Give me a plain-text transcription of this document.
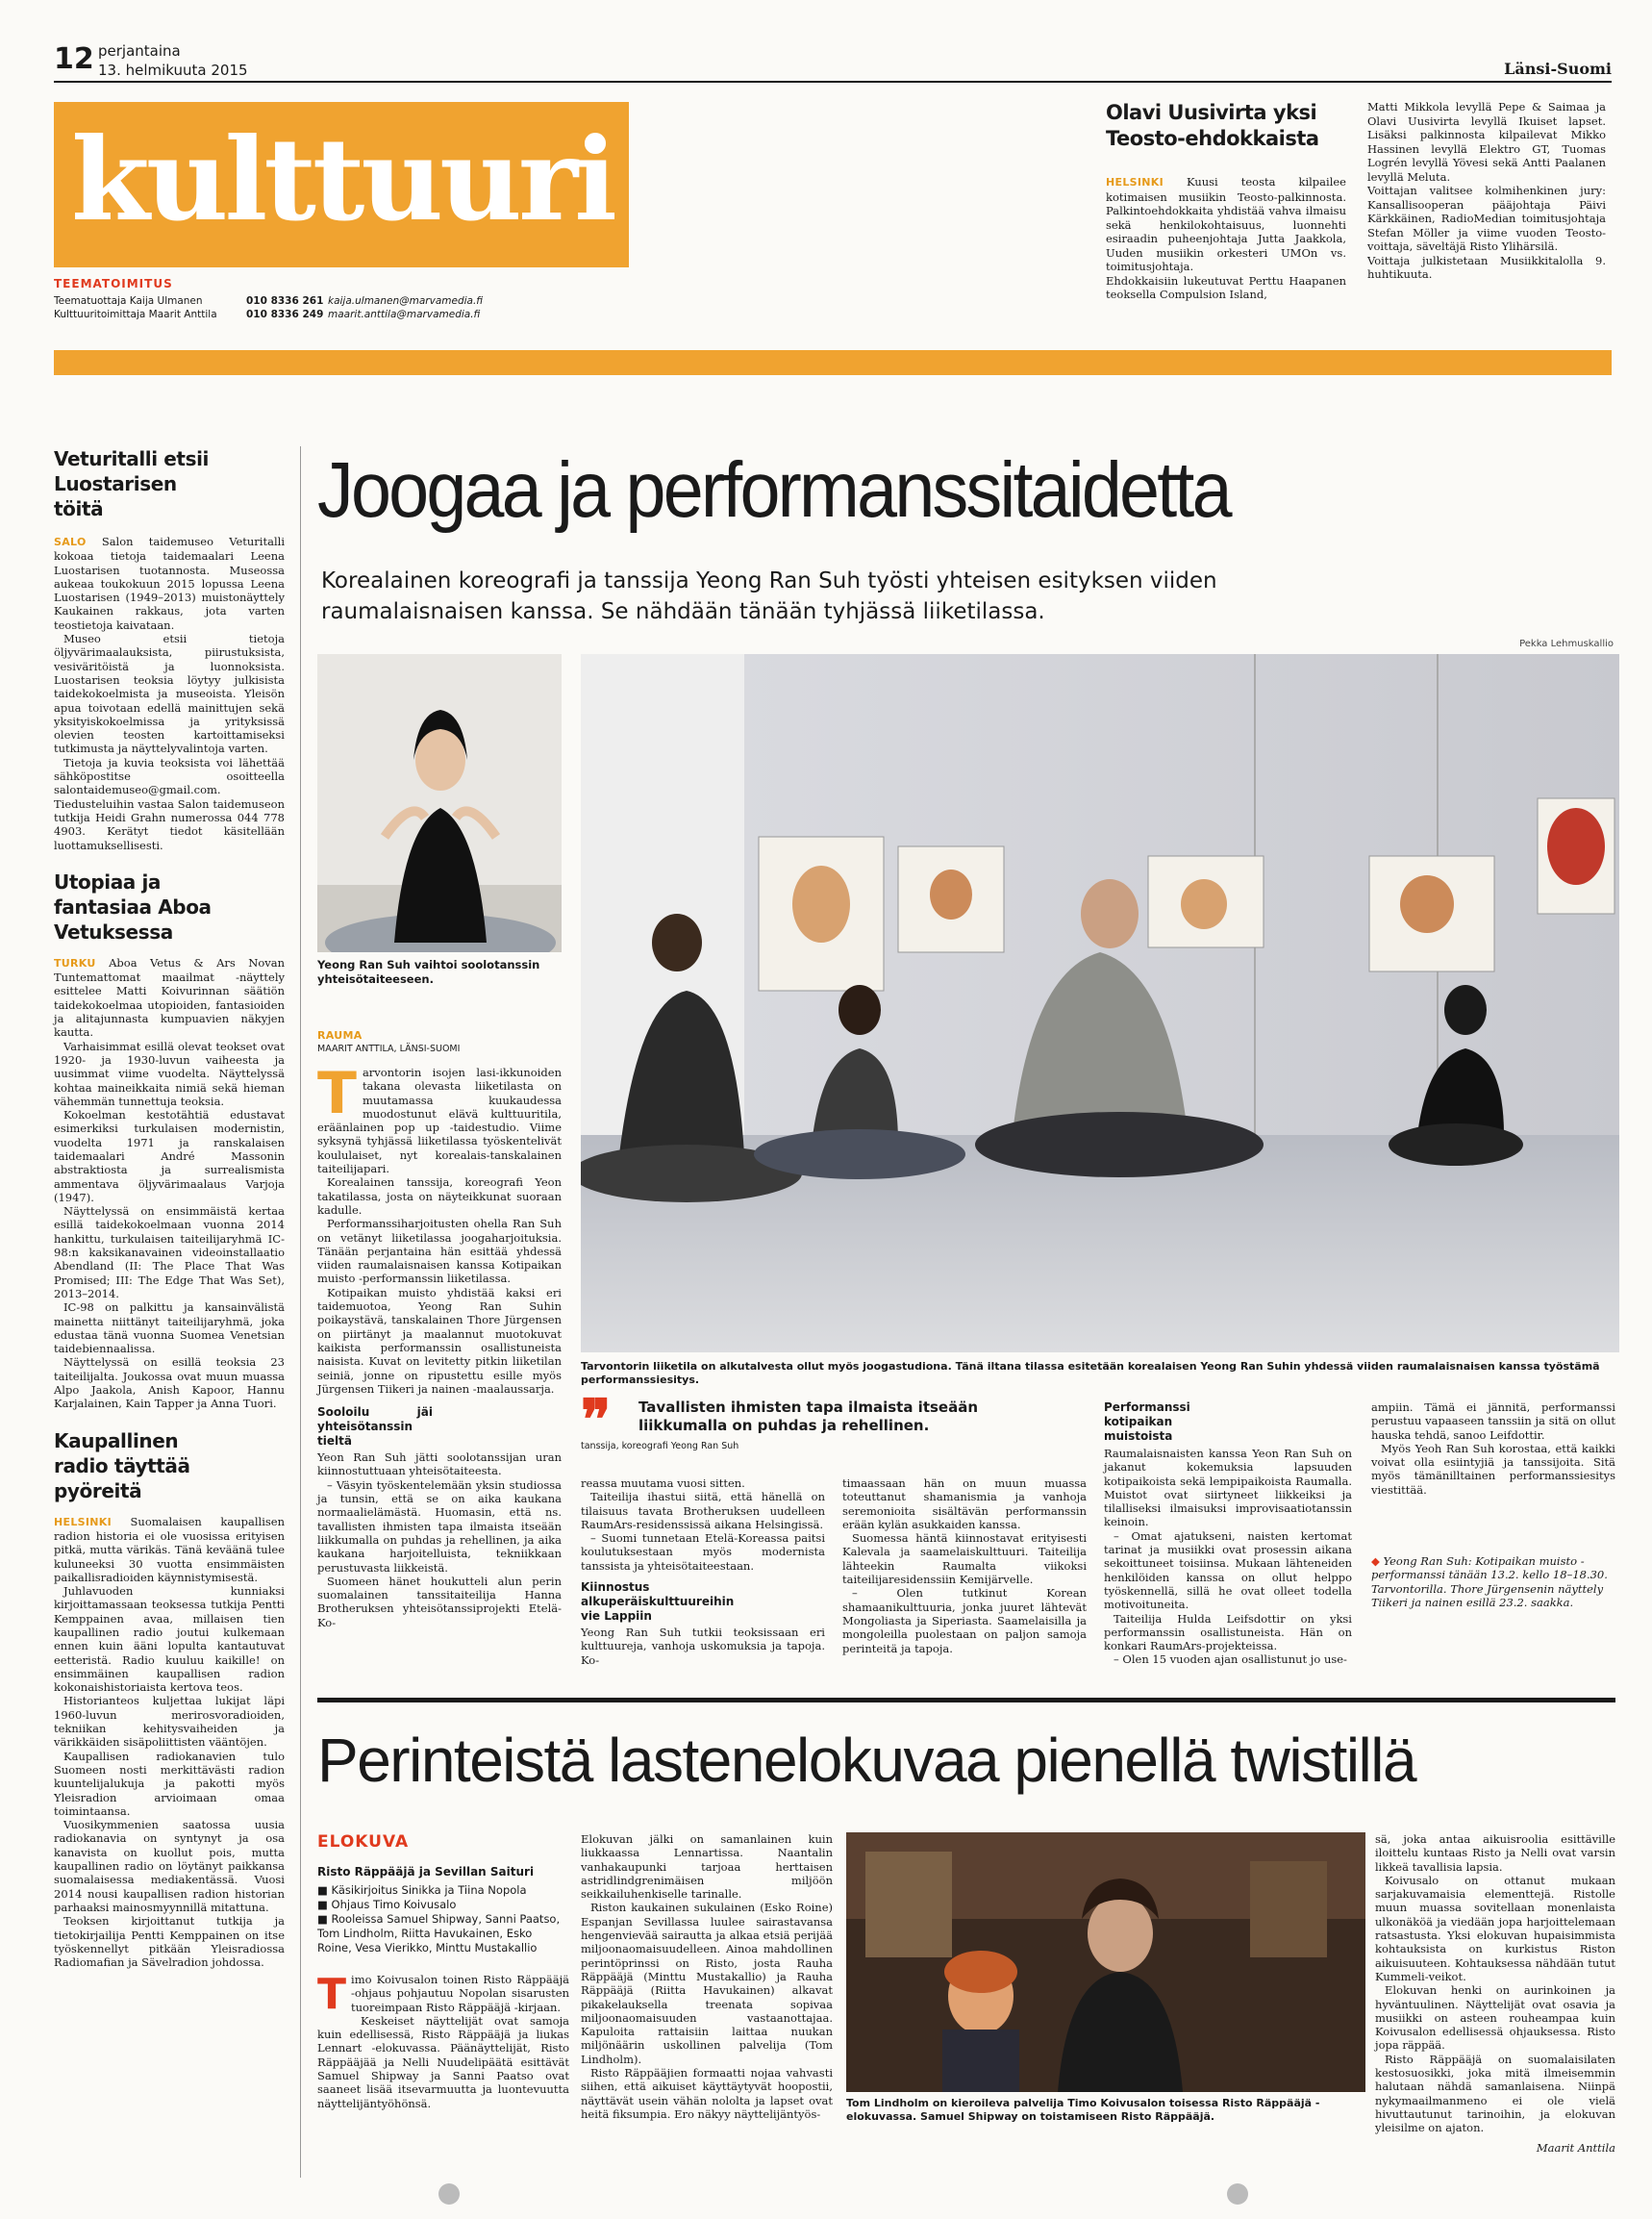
12 perjantaina
13. helmikuuta 2015	Länsi-Suomi
kulttuuri
TEEMATOIMITUS
Teematuottaja Kaija Ulmanen	010 8336 261 kaija.ulmanen@marvamedia.fi
Kulttuuritoimittaja Maarit Anttila	010 8336 249 maarit.anttila@marvamedia.fi
Olavi Uusivirta yksi Teosto-ehdokkaista
HELSINKI Kuusi teosta kilpailee kotimaisen musiikin Teosto-palkinnosta. Palkintoehdokkaita yhdistää vahva ilmaisu sekä henkilokohtaisuus, luonnehti esiraadin puheenjohtaja Jutta Jaakkola, Uuden musiikin orkesteri UMOn vs. toimitusjohtaja.
Ehdokkaisiin lukeutuvat Perttu Haapanen teoksella Compulsion Island,
Matti Mikkola levyllä Pepe & Saimaa ja Olavi Uusivirta levyllä Ikuiset lapset. Lisäksi palkinnosta kilpailevat Mikko Hassinen levyllä Elektro GT, Tuomas Logrén levyllä Yövesi sekä Antti Paalanen levyllä Meluta.
Voittajan valitsee kolmihenkinen jury: Kansallisooperan pääjohtaja Päivi Kärkkäinen, RadioMedian toimitusjohtaja Stefan Möller ja viime vuoden Teosto-voittaja, säveltäjä Risto Ylihärsilä.
Voittaja julkistetaan Musiikkitalolla 9. huhtikuuta.
Veturitalli etsii Luostarisen töitä

SALO Salon taidemuseo Veturitalli kokoaa tietoja taidemaalari Leena Luostarisen tuotannosta. Museossa aukeaa toukokuun 2015 lopussa Leena Luostarisen (1949–2013) muistonäyttely Kaukainen rakkaus, jota varten teostietoja kaivataan.

Museo etsii tietoja öljyvärimaalauksista, piirustuksista, vesiväritöistä ja luonnoksista. Luostarisen teoksia löytyy julkisista taidekokoelmista ja museoista. Yleisön apua toivotaan edellä mainittujen sekä yksityiskokoelmissa ja yrityksissä olevien teosten kartoittamiseksi tutkimusta ja näyttelyvalintoja varten.

Tietoja ja kuvia teoksista voi lähettää sähköpostitse osoitteella salontaidemuseo@gmail.com. Tiedusteluihin vastaa Salon taidemuseon tutkija Heidi Grahn numerossa 044 778 4903. Kerätyt tiedot käsitellään luottamuksellisesti.

Utopiaa ja fantasiaa Aboa Vetuksessa

TURKU Aboa Vetus & Ars Novan Tuntemattomat maailmat -näyttely esittelee Matti Koivurinnan säätiön taidekokoelmaa utopioiden, fantasioiden ja alitajunnasta kumpuavien näkyjen kautta.

Varhaisimmat esillä olevat teokset ovat 1920- ja 1930-luvun vaiheesta ja uusimmat viime vuodelta. Näyttelyssä kohtaa maineikkaita nimiä sekä hieman vähemmän tunnettuja teoksia.

Kokoelman kestotähtiä edustavat esimerkiksi turkulaisen modernistin, vuodelta 1971 ja ranskalaisen taidemaalari André Massonin abstraktiosta ja surrealismista ammentava öljyvärimaalaus Varjoja (1947).

Näyttelyssä on ensimmäistä kertaa esillä taidekokoelmaan vuonna 2014 hankittu, turkulaisen taiteilijaryhmä IC-98:n kaksikanavainen videoinstallaatio Abendland (II: The Place That Was Promised; III: The Edge That Was Set), 2013–2014.

IC-98 on palkittu ja kansainvälistä mainetta niittänyt taiteilijaryhmä, joka edustaa tänä vuonna Suomea Venetsian taidebiennaalissa.

Näyttelyssä on esillä teoksia 23 taiteilijalta. Joukossa ovat muun muassa Alpo Jaakola, Anish Kapoor, Hannu Karjalainen, Kain Tapper ja Anna Tuori.

Kaupallinen radio täyttää pyöreitä

HELSINKI Suomalaisen kaupallisen radion historia ei ole vuosissa erityisen pitkä, mutta värikäs. Tänä keväänä tulee kuluneeksi 30 vuotta ensimmäisten paikallisradioiden käynnistymisestä.

Juhlavuoden kunniaksi kirjoittamassaan teoksessa tutkija Pentti Kemppainen avaa, millaisen tien kaupallinen radio joutui kulkemaan ennen kuin ääni lopulta kantautuvat eetteristä. Radio kuuluu kaikille! on ensimmäinen kaupallisen radion kokonaishistoriaista kertova teos.

Historianteos kuljettaa lukijat läpi 1960-luvun merirosvoradioiden, tekniikan kehitysvaiheiden ja värikkäiden sisäpoliittisten vääntöjen.

Kaupallisen radiokanavien tulo Suomeen nosti merkittävästi radion kuuntelijalukuja ja pakotti myös Yleisradion arvioimaan omaa toimintaansa.

Vuosikymmenien saatossa uusia radiokanavia on syntynyt ja osa kanavista on kuollut pois, mutta kaupallinen radio on löytänyt paikkansa suomalaisessa mediakentässä. Vuosi 2014 nousi kaupallisen radion historian parhaaksi mainosmyynnillä mitattuna.

Teoksen kirjoittanut tutkija ja tietokirjailija Pentti Kemppainen on itse työskennellyt pitkään Yleisradiossa Radiomafian ja Sävelradion johdossa.

Joogaa ja performanssitaidetta
Korealainen koreografi ja tanssija Yeong Ran Suh työsti yhteisen esityksen viiden raumalaisnaisen kanssa. Se nähdään tänään tyhjässä liiketilassa.
Pekka Lehmuskallio
Yeong Ran Suh vaihtoi soolotanssin yhteisötaiteeseen.
Tarvontorin liiketila on alkutalvesta ollut myös joogastudiona. Tänä iltana tilassa esitetään korealaisen Yeong Ran Suhin yhdessä viiden raumalaisnaisen kanssa työstämä performanssiesitys.
RAUMA
MAARIT ANTTILA, LÄNSI-SUOMI

Tarvontorin isojen lasi-ikkunoiden takana olevasta liiketilasta on muutamassa kuukaudessa muodostunut elävä kulttuuritila, eräänlainen pop up -taidestudio. Viime syksynä tyhjässä liiketilassa työskentelivät koululaiset, nyt korealais-tanskalainen taiteilijapari.

Korealainen tanssija, koreografi Yeon takatilassa, josta on näyteikkunat suoraan kadulle.

Performanssiharjoitusten ohella Ran Suh on vetänyt liiketilassa joogaharjoituksia. Tänään perjantaina hän esittää yhdessä viiden raumalaisnaisen kanssa Kotipaikan muisto -performanssin liiketilassa.

Kotipaikan muisto yhdistää kaksi eri taidemuotoa, Yeong Ran Suhin poikaystävä, tanskalainen Thore Jürgensen on piirtänyt ja maalannut muotokuvat kaikista performanssin osallistuneista naisista. Kuvat on levitetty pitkin liiketilan seiniä, jonne on ripustettu esille myös Jürgensen Tiikeri ja nainen -maalaussarja.

Sooloilu jäi yhteisötanssin tieltä

Yeon Ran Suh jätti soolotanssijan uran kiinnostuttuaan yhteisötaiteesta.

– Väsyin työskentelemään yksin studiossa ja tunsin, että se on aika kaukana normaalielämästä. Huomasin, että ns. tavallisten ihmisten tapa ilmaista itseään liikkumalla on puhdas ja rehellinen, ja aika kaukana harjoitelluista, tekniikkaan perustuvasta liikkeistä.

Suomeen hänet houkutteli alun perin suomalainen tanssitaiteilija Hanna Brotheruksen yhteisötanssiprojekti Etelä-Ko-

❞ Tavallisten ihmisten tapa ilmaista itseään liikkumalla on puhdas ja rehellinen.
tanssija, koreografi Yeong Ran Suh

reassa muutama vuosi sitten.

Taiteilija ihastui siitä, että hänellä on tilaisuus tavata Brotheruksen uudelleen RaumArs-residenssissä aikana Helsingissä.

– Suomi tunnetaan Etelä-Koreassa paitsi koulutuksestaan myös modernista tanssista ja yhteisötaiteestaan.

Kiinnostus alkuperäiskulttuureihin vie Lappiin

Yeong Ran Suh tutkii teoksissaan eri kulttuureja, vanhoja uskomuksia ja tapoja. Ko-

timaassaan hän on muun muassa toteuttanut shamanismia ja vanhoja seremonioita sisältävän performanssin erään kylän asukkaiden kanssa.

Suomessa häntä kiinnostavat erityisesti Kalevala ja saamelaiskulttuuri. Taiteilija lähteekin Raumalta viikoksi taiteilijaresidenssiin Kemijärvelle.

– Olen tutkinut Korean shamaanikulttuuria, jonka juuret lähtevät Mongoliasta ja Siperiasta. Saamelaisilla ja mongoleilla puolestaan on paljon samoja perinteitä ja tapoja.

Performanssi kotipaikan muistoista

Raumalaisnaisten kanssa Yeon Ran Suh on jakanut kokemuksia lapsuuden kotipaikoista sekä lempipaikoista Raumalla. Muistot ovat siirtyneet liikkeiksi ja tilalliseksi ilmaisuksi improvisaatiotanssin keinoin.

– Omat ajatukseni, naisten kertomat tarinat ja musiikki ovat prosessin aikana sekoittuneet toisiinsa. Mukaan lähteneiden henkilöiden kanssa on ollut helppo työskennellä, sillä he ovat olleet todella motivoituneita.

Taiteilija Hulda Leifsdottir on yksi performanssin osallistuneista. Hän on konkari RaumArs-projekteissa.

– Olen 15 vuoden ajan osallistunut jo use-

ampiin. Tämä ei jännitä, performanssi perustuu vapaaseen tanssiin ja sitä on ollut hauska tehdä, sanoo Leifdottir.

Myös Yeoh Ran Suh korostaa, että kaikki voivat olla esiintyjiä ja tanssijoita. Sitä myös tämänilltainen performanssiesitys viestittää.

◆ Yeong Ran Suh: Kotipaikan muisto -performanssi tänään 13.2. kello 18–18.30. Tarvontorilla. Thore Jürgensenin näyttely Tiikeri ja nainen esillä 23.2. saakka.
Perinteistä lastenelokuvaa pienellä twistillä
ELOKUVA
Risto Räppääjä ja Sevillan Saituri
■ Käsikirjoitus Sinikka ja Tiina Nopola
■ Ohjaus Timo Koivusalo
■ Rooleissa Samuel Shipway, Sanni Paatso, Tom Lindholm, Riitta Havukainen, Esko Roine, Vesa Vierikko, Minttu Mustakallio

Timo Koivusalon toinen Risto Räppääjä -ohjaus pohjautuu Nopolan sisarusten tuoreimpaan Risto Räppääjä -kirjaan.

Keskeiset näyttelijät ovat samoja kuin edellisessä, Risto Räppääjä ja liukas Lennart -elokuvassa. Päänäyttelijät, Risto Räppääjää ja Nelli Nuudelipäätä esittävät Samuel Shipway ja Sanni Paatso ovat saaneet lisää itsevarmuutta ja luontevuutta näyttelijäntyöhönsä.

Elokuvan jälki on samanlainen kuin liukkaassa Lennartissa. Naantalin vanhakaupunki tarjoaa herttaisen astridlindgrenimäisen miljöön seikkailuhenkiselle tarinalle.

Riston kaukainen sukulainen (Esko Roine) Espanjan Sevillassa luulee sairastavansa hengenvievää sairautta ja alkaa etsiä perijää miljoonaomaisuudelleen. Ainoa mahdollinen perintöprinssi on Risto, josta Rauha Räppääjä (Minttu Mustakallio) ja Rauha Räppääjä (Riitta Havukainen) alkavat pikakelauksella treenata sopivaa miljoonaomaisuuden vastaanottajaa. Kapuloita rattaisiin laittaa nuukan miljönäärin uskollinen palvelija (Tom Lindholm).

Risto Räppääjien formaatti nojaa vahvasti siihen, että aikuiset käyttäytyvät hoopostii, näyttävät usein vähän nololta ja lapset ovat heitä fiksumpia. Ero näkyy näyttelijäntyös-

Tom Lindholm on kieroileva palvelija Timo Koivusalon toisessa Risto Räppääjä -elokuvassa. Samuel Shipway on toistamiseen Risto Räppääjä.

sä, joka antaa aikuisroolia esittäville iloittelu kuntaas Risto ja Nelli ovat varsin likkeä tavallisia lapsia.

Koivusalo on ottanut mukaan sarjakuvamaisia elementtejä. Ristolle muun muassa sovitellaan monenlaista ulkonäköä ja viedään jopa harjoittelemaan ratsastusta. Yksi elokuvan hupaisimmista kohtauksista on kurkistus Riston aikuisuuteen. Kohtauksessa nähdään tutut Kummeli-veikot.

Elokuvan henki on aurinkoinen ja hyväntuulinen. Näyttelijät ovat osavia ja musiikki on asteen rouheampaa kuin Koivusalon edellisessä ohjauksessa. Risto jopa räppää.

Risto Räppääjä on suomalaisilaten kestosuosikki, joka mitä ilmeisemmin halutaan nähdä samanlaisena. Niinpä nykymaailmanmeno ei ole vielä hivuttautunut tarinoihin, ja elokuvan yleisilme on ajaton.

Maarit Anttila
